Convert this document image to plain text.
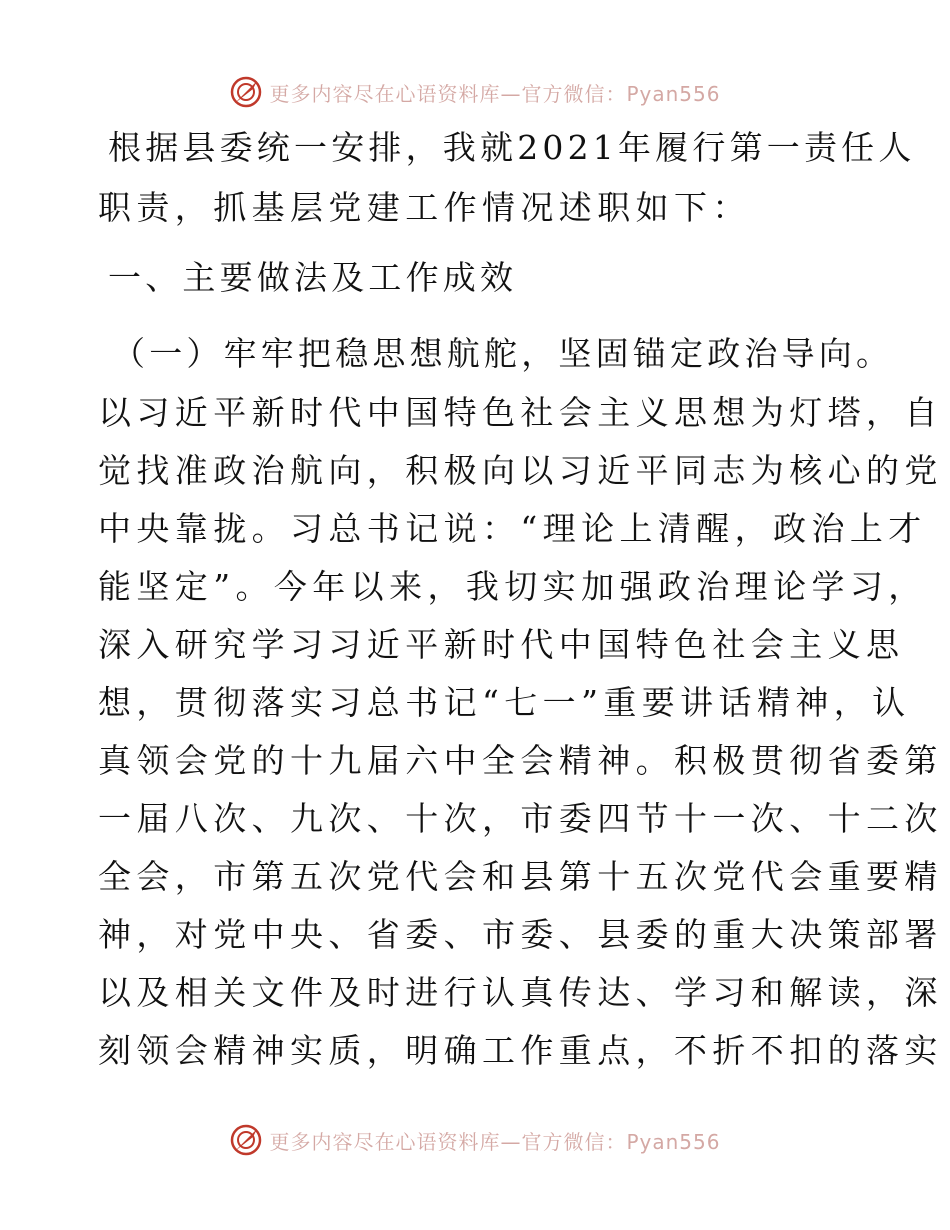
更多内容尽在心语资料库—官方微信：Pyan556
根据县委统一安排，我就2021年履行第一责任人
职责，抓基层党建工作情况述职如下：
一、主要做法及工作成效
（一）牢牢把稳思想航舵，坚固锚定政治导向。
以习近平新时代中国特色社会主义思想为灯塔，自
觉找准政治航向，积极向以习近平同志为核心的党
中央靠拢。习总书记说：“理论上清醒，政治上才
能坚定”。今年以来，我切实加强政治理论学习，
深入研究学习习近平新时代中国特色社会主义思
想，贯彻落实习总书记“七一”重要讲话精神，认
真领会党的十九届六中全会精神。积极贯彻省委第
一届八次、九次、十次，市委四节十一次、十二次
全会，市第五次党代会和县第十五次党代会重要精
神，对党中央、省委、市委、县委的重大决策部署
以及相关文件及时进行认真传达、学习和解读，深
刻领会精神实质，明确工作重点，不折不扣的落实
更多内容尽在心语资料库—官方微信：Pyan556
